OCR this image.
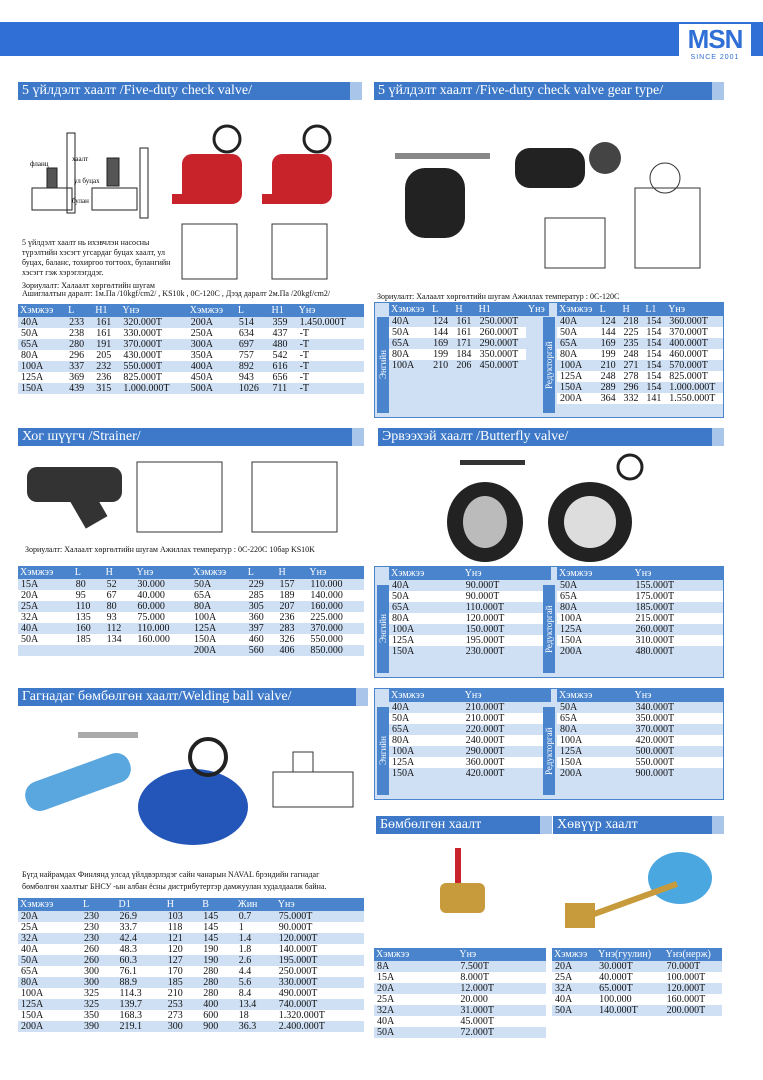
MSN
SINCE 2001
5 үйлдэлт хаалт /Five-duty check valve/
фланц
хаалт
ул буцах
булан
5 үйлдэлт хаалт нь ихэвчлэн насосны түрэлтийн хэсэгт угсардаг буцах хаалт, ул буцах, баланс, тохиргоо тогтоох, булангийн хэсэгт гэж хэрэглэгддэг.
Зориулалт: Халаалт хөргөлтийн шугам
Ашиглалтын даралт: 1м.Па /10kgf/cm2/ , KS10k , 0С-120С , Дээд даралт 2м.Па /20kgf/cm2/
Хэмжээ	L	H1	Үнэ	Хэмжээ	L	H1	Үнэ
40A	233	161	320.000Т	200A	514	359	1.450.000Т
50A	238	161	330.000Т	250A	634	437	-Т
65A	280	191	370.000Т	300A	697	480	-Т
80A	296	205	430.000Т	350A	757	542	-Т
100A	337	232	550.000Т	400A	892	616	-Т
125A	369	236	825.000Т	450A	943	656	-Т
150A	439	315	1.000.000Т	500A	1026	711	-Т
5 үйлдэлт хаалт /Five-duty check valve gear type/
Зориулалт: Халаалт хөргөлтийн шугам Ажиллах температур : 0С-120С
Энгийн
Хэмжээ	L	H	H1	Үнэ
40A	124	161	250.000Т	
50A	144	161	260.000Т	
65A	169	171	290.000Т	
80A	199	184	350.000Т	
100A	210	206	450.000Т		Редукторгай
Хэмжээ	L	H	L1	Үнэ
40A	124	218	154	360.000Т
50A	144	225	154	370.000Т
65A	169	235	154	400.000Т
80A	199	248	154	460.000Т
100A	210	271	154	570.000Т
125A	248	278	154	825.000Т
150A	289	296	154	1.000.000Т
200A	364	332	141	1.550.000Т
Хог шүүгч /Strainer/
Зориулалт: Халаалт хөргөлтийн шугам Ажиллах температур : 0С-220С 10бар KS10K
Хэмжээ	L	H	Үнэ	Хэмжээ	L	H	Үнэ
15A	80	52	30.000	50A	229	157	110.000
20A	95	67	40.000	65A	285	189	140.000
25A	110	80	60.000	80A	305	207	160.000
32A	135	93	75.000	100A	360	236	225.000
40A	160	112	110.000	125A	397	283	370.000
50A	185	134	160.000	150A	460	326	550.000
				200A	560	406	850.000
Эрвээхэй хаалт /Butterfly valve/
Энгийн
Хэмжээ	Үнэ
40A	90.000Т
50A	90.000Т
65A	110.000Т
80A	120.000Т
100A	150.000Т
125A	195.000Т
150A	230.000Т	Редукторгай
Хэмжээ	Үнэ
50A	155.000Т
65A	175.000Т
80A	185.000Т
100A	215.000Т
125A	260.000Т
150A	310.000Т
200A	480.000Т
Энгийн
Хэмжээ	Үнэ
40A	210.000Т
50A	210.000Т
65A	220.000Т
80A	240.000Т
100A	290.000Т
125A	360.000Т
150A	420.000Т	Редукторгай
Хэмжээ	Үнэ
50A	340.000Т
65A	350.000Т
80A	370.000Т
100A	420.000Т
125A	500.000Т
150A	550.000Т
200A	900.000Т
Гагнадаг бөмбөлгөн хаалт/Welding ball valve/
Бүгд найрамдах Финлянд улсад үйлдвэрлэдэг сайн чанарын NAVAL брэндийн гагнадаг
бөмбөлгөн хаалтыг БНСУ -ын албан ёсны дистрибутертэр дамжуулан худалдаалж байна.
Хэмжээ	L	D1	H	B	Жин	Үнэ
20A	230	26.9	103	145	0.7	75.000Т
25A	230	33.7	118	145	1	90.000Т
32A	230	42.4	121	145	1.4	120.000Т
40A	260	48.3	120	190	1.8	140.000Т
50A	260	60.3	127	190	2.6	195.000Т
65A	300	76.1	170	280	4.4	250.000Т
80A	300	88.9	185	280	5.6	330.000Т
100A	325	114.3	210	280	8.4	490.000Т
125A	325	139.7	253	400	13.4	740.000Т
150A	350	168.3	273	600	18	1.320.000Т
200A	390	219.1	300	900	36.3	2.400.000Т
Бөмбөлгөн хаалт
Хэмжээ	Үнэ
8A	7.500Т
15A	8.000Т
20A	12.000Т
25A	20.000
32A	31.000Т
40A	45.000Т
50A	72.000Т
Хөвүүр хаалт
Хэмжээ	Үнэ(гуулин)	Үнэ(нерж)
20A	30.000Т	70.000Т
25A	40.000Т	100.000Т
32A	65.000Т	120.000Т
40A	100.000	160.000Т
50A	140.000Т	200.000Т
